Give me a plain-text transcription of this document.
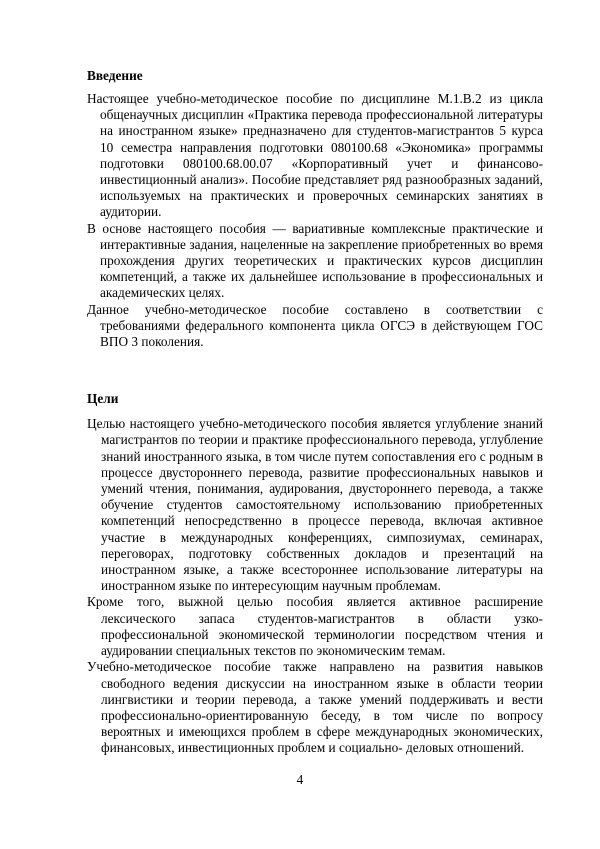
Введение

Настоящее учебно-методическое пособие по дисциплине М.1.В.2 из цикла общенаучных дисциплин «Практика перевода профессиональной литературы на иностранном языке» предназначено для студентов-магистрантов 5 курса 10 семестра направления подготовки 080100.68 «Экономика» программы подготовки 080100.68.00.07 «Корпоративный учет и финансово-инвестиционный анализ». Пособие представляет ряд разнообразных заданий, используемых на практических и проверочных семинарских занятиях в аудитории.

В основе настоящего пособия — вариативные комплексные практические и интерактивные задания, нацеленные на закрепление приобретенных во время прохождения других теоретических и практических курсов дисциплин компетенций, а также их дальнейшее использование в профессиональных и академических целях.

Данное учебно-методическое пособие составлено в соответствии с требованиями федерального компонента цикла ОГСЭ в действующем ГОС ВПО 3 поколения.

Цели

Целью настоящего учебно-методического пособия является углубление знаний магистрантов по теории и практике профессионального перевода, углубление знаний иностранного языка, в том числе путем сопоставления его с родным в процессе двустороннего перевода, развитие профессиональных навыков и умений чтения, понимания, аудирования, двустороннего перевода, а также обучение студентов самостоятельному использованию приобретенных компетенций непосредственно в процессе перевода, включая активное участие в международных конференциях, симпозиумах, семинарах, переговорах, подготовку собственных докладов и презентаций на иностранном языке, а также всестороннее использование литературы на иностранном языке по интересующим научным проблемам.

Кроме того, выжной целью пособия является активное расширение лексического запаса студентов-магистрантов в области узко-профессиональной экономической терминологии посредством чтения и аудировании специальных текстов по экономическим темам.

Учебно-методическое пособие также направлено на развития навыков свободного ведения дискуссии на иностранном языке в области теории лингвистики и теории перевода, а также умений поддерживать и вести профессионально-ориентированную беседу, в том числе по вопросу вероятных и имеющихся проблем в сфере международных экономических, финансовых, инвестиционных проблем и социально- деловых отношений.

4
